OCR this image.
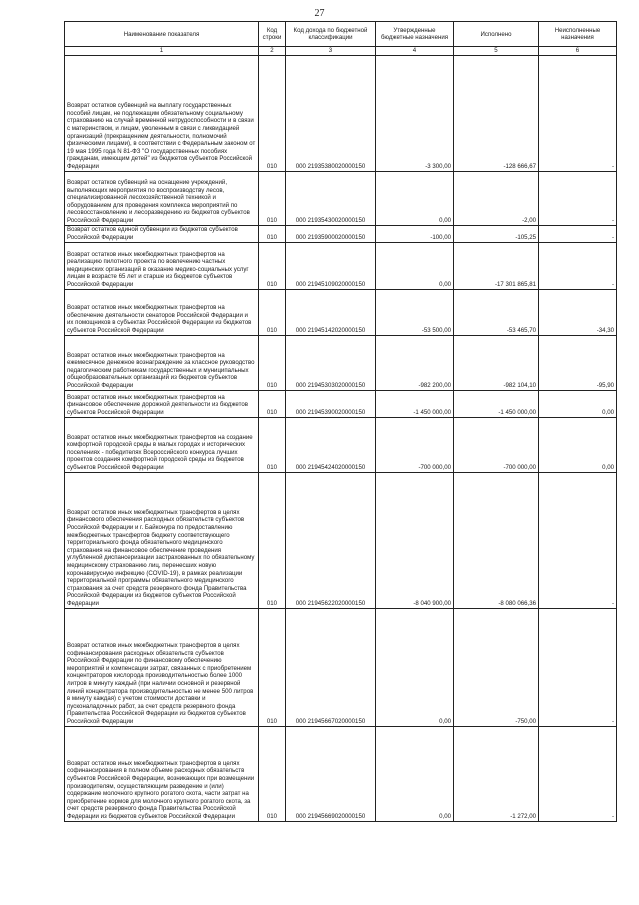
27
Наименование показателя	Код строки	Код дохода по бюджетной классификации	Утвержденные бюджетные назначения	Исполнено	Неисполненные назначения
1	2	3	4	5	6
Возврат остатков субвенций на выплату государственных пособий лицам, не подлежащим обязательному социальному страхованию на случай временной нетрудоспособности и в связи с материнством, и лицам, уволенным в связи с ликвидацией организаций (прекращением деятельности, полномочий физическими лицами), в соответствии с Федеральным законом от 19 мая 1995 года N 81-ФЗ "О государственных пособиях гражданам, имеющим детей" из бюджетов субъектов Российской Федерации	010	000 21935380020000150	-3 300,00	-128 666,67	-
Возврат остатков субвенций на оснащение учреждений, выполняющих мероприятия по воспроизводству лесов, специализированной лесохозяйственной техникой и оборудованием для проведения комплекса мероприятий по лесовосстановлению и лесоразведению из бюджетов субъектов Российской Федерации	010	000 21935430020000150	0,00	-2,00	-
Возврат остатков единой субвенции из бюджетов субъектов Российской Федерации	010	000 21935900020000150	-100,00	-105,25	-
Возврат остатков иных межбюджетных трансфертов на реализацию пилотного проекта по вовлечению частных медицинских организаций в оказание медико-социальных услуг лицам в возрасте 65 лет и старше из бюджетов субъектов Российской Федерации	010	000 21945109020000150	0,00	-17 301 865,81	-
Возврат остатков иных межбюджетных трансфертов на обеспечение деятельности сенаторов Российской Федерации и их помощников в субъектах Российской Федерации из бюджетов субъектов Российской Федерации	010	000 21945142020000150	-53 500,00	-53 465,70	-34,30
Возврат остатков иных межбюджетных трансфертов на ежемесячное денежное вознаграждение за классное руководство педагогическим работникам государственных и муниципальных общеобразовательных организаций из бюджетов субъектов Российской Федерации	010	000 21945303020000150	-982 200,00	-982 104,10	-95,90
Возврат остатков иных межбюджетных трансфертов на финансовое обеспечение дорожной деятельности из бюджетов субъектов Российской Федерации	010	000 21945390020000150	-1 450 000,00	-1 450 000,00	0,00
Возврат остатков иных межбюджетных трансфертов на создание комфортной городской среды в малых городах и исторических поселениях - победителях Всероссийского конкурса лучших проектов создания комфортной городской среды из бюджетов субъектов Российской Федерации	010	000 21945424020000150	-700 000,00	-700 000,00	0,00
Возврат остатков иных межбюджетных трансфертов в целях финансового обеспечения расходных обязательств субъектов Российской Федерации и г. Байконура по предоставлению межбюджетных трансфертов бюджету соответствующего территориального фонда обязательного медицинского страхования на финансовое обеспечение проведения углубленной диспансеризации застрахованных по обязательному медицинскому страхованию лиц, перенесших новую коронавирусную инфекцию (COVID-19), в рамках реализации территориальной программы обязательного медицинского страхования за счет средств резервного фонда Правительства Российской Федерации из бюджетов субъектов Российской Федерации	010	000 21945622020000150	-8 040 900,00	-8 080 066,36	-
Возврат остатков иных межбюджетных трансфертов в целях софинансирования расходных обязательств субъектов Российской Федерации по финансовому обеспечению мероприятий и компенсации затрат, связанных с приобретением концентраторов кислорода производительностью более 1000 литров в минуту каждый (при наличии основной и резервной линий концентратора производительностью не менее 500 литров в минуту каждая) с учетом стоимости доставки и пусконаладочных работ, за счет средств резервного фонда Правительства Российской Федерации из бюджетов субъектов Российской Федерации	010	000 21945667020000150	0,00	-750,00	-
Возврат остатков иных межбюджетных трансфертов в целях софинансирования в полном объеме расходных обязательств субъектов Российской Федерации, возникающих при возмещении производителям, осуществляющим разведение и (или) содержание молочного крупного рогатого скота, части затрат на приобретение кормов для молочного крупного рогатого скота, за счет средств резервного фонда Правительства Российской Федерации из бюджетов субъектов Российской Федерации	010	000 21945669020000150	0,00	-1 272,00	-
